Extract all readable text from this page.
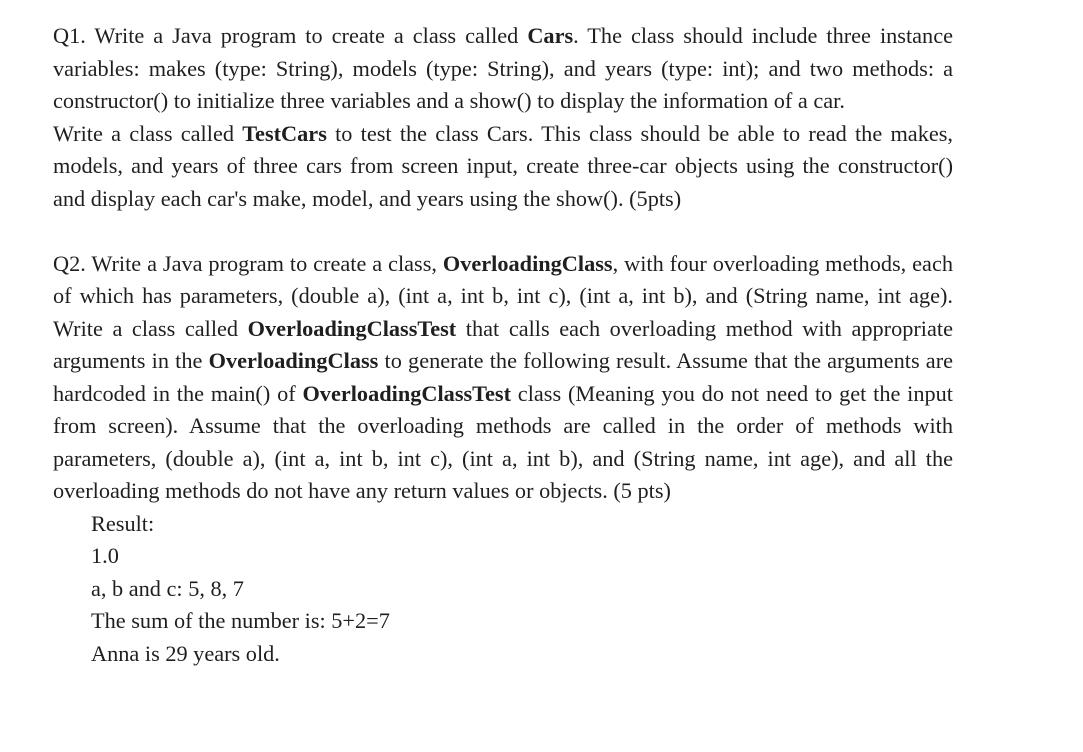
Q1. Write a Java program to create a class called Cars. The class should include three instance variables: makes (type: String), models (type: String), and years (type: int); and two methods: a constructor() to initialize three variables and a show() to display the information of a car.

Write a class called TestCars to test the class Cars. This class should be able to read the makes, models, and years of three cars from screen input, create three-car objects using the constructor() and display each car's make, model, and years using the show(). (5pts)

Q2. Write a Java program to create a class, OverloadingClass, with four overloading methods, each of which has parameters, (double a), (int a, int b, int c), (int a, int b), and (String name, int age). Write a class called OverloadingClassTest that calls each overloading method with appropriate arguments in the OverloadingClass to generate the following result. Assume that the arguments are hardcoded in the main() of OverloadingClassTest class (Meaning you do not need to get the input from screen). Assume that the overloading methods are called in the order of methods with parameters, (double a), (int a, int b, int c), (int a, int b), and (String name, int age), and all the overloading methods do not have any return values or objects. (5 pts)

Result:
1.0
a, b and c: 5, 8, 7
The sum of the number is: 5+2=7
Anna is 29 years old.
